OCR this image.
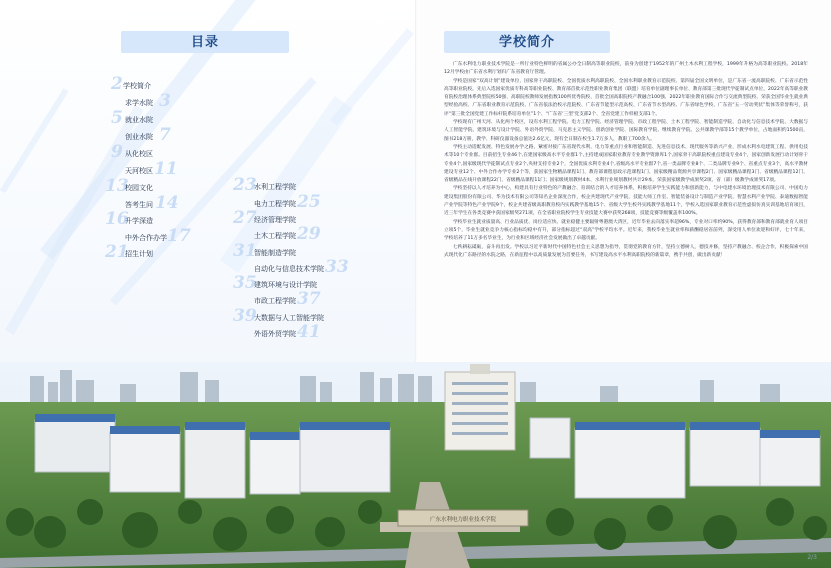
目录
2 学校简介
求学水院 3
5 就业水院
创业水院 7
9 从化校区
天河校区 11
13
校园文化
答考生问 14
16
升学深造
中外合作办学 17
21
招生计划
23
水利工程学院
电力工程学院 25
27
经济管理学院
土木工程学院 29
31
智能制造学院
自动化与信息技术学院 33
35
建筑环境与设计学院
市政工程学院 37
39
大数据与人工智能学院
外语外贸学院 41
学校简介

广东水利电力职业技术学院是一所行业特色鲜明的省属公办全日制高等职业院校，前身为创建于1952年的广州土木水利工程学校，1999年升格为高等职业院校。2018年12月学校由广东省水利厅划归广东省教育厅管理。

学校是国家“双高计划”建设单位、国家骨干高职院校、全国优质水利高职院校、全国水利职业教育示范院校、第四届全国文明单位，是广东省一流高职院校、广东省示范性高等职业院校。先后入选国家优质专科高等职业院校、教育部首批示范性职业教育集团（联盟）培育单位副理事长单位、教育部第三批现代学徒制试点单位，2022年高等职业教育院校治理体系典型院校50强、高职院校教师发展指数100所优秀院校、首批全国高职院校产教融合100强、2022年职业教育国际合作与交流典型院校、荣获全国毕业生就业典型经验高校、广东省职业教育示范院校、广东省依法治校示范院校、广东省节能型示范高校、广东省节水型高校、广东省绿色学校、广东省“五一劳动奖状”集体等荣誉称号，获评“第三批全国党建工作标杆院系培育单位”1个、“广东省‘三型’党支部2个、全省党建工作样板支部1个。

学校现有广州天河、从化两个校区，设有水利工程学院、电力工程学院、经济管理学院、市政工程学院、土木工程学院、智能制造学院、自动化与信息技术学院、大数据与人工智能学院、建筑环境与设计学院、外语外贸学院、马克思主义学院、创新创业学院、国际教育学院、继续教育学院、公共课教学部等15个教学单位，占地面积约1500亩，图书218万册，教学、科研仪器设备总值达2.6亿元，现有全日制在校生1.7万多人，教职工700余人。

学校主动适配发展、特色发展办学之路，紧密对接广东省现代水利、电力等重点行业和智能制造、先进信息技术、现代服务等新兴产业，形成水利水电建筑工程、供用电技术等10个专业群。目前招生专业46个,在建国家级高水平专业群1个,主持建成国家职业教育专业教学资源库1个,国家骨干高职院校重点建设专业4个，国家创新发展行动计划骨干专业4个,国家级现代学徒制试点专业2个,央财支持专业2个，全国优质水利专业4个,省级高水平专业群7个,省一类品牌专业8个、二类品牌专业9个、省重点专业3个，高水平教材建设专业12个、中外合作办学专业2个等，获国家生物精品课程1门、教育部课程思政示范课程1门、国家级精品资源共享课程2门、国家级精品课程3门、省级精品课程12门、省级精品在线开放课程22门、省级精品课程11门；国家级规划教材4本、水利行业规划教材共计29本，荣获国家级教学成果奖2项、省（部）级教学成果奖17项。

学校坚持以人才培养为中心，构建具有行业特色的产教融合、育训结合的人才培养体系，积极培养学生实践能力和创新能力，与中电建水环境治理技术有限公司、中国电力建设集团股份有限公司、华为技术有限公司等知名企业深度合作，校企共建现代产业学院、技能大师工作室、智能装备设计与制造产业学院、智慧水利产业学院、泰迪数据智能产业学院等特色产业学院9个，校企共建省级高职教育校内实践教学基地15个、省级大学生校外实践教学基地11个，学校入选国家职业教育示范性虚拟仿真实训基地培育项目，近三年学生在各类竞赛中获国家级奖271项，在全省职业院校学生专业技能大赛中获奖268项，技能竞赛等级覆盖率100%。

学校毕业生就业质量高、行业品质优、岗位适应快、就业稳健主要辐射粤港澳大湾区，近年毕业去向落实率超96%，专业对口率约90%，获得教育部和教育部就业育人项目立项5个，毕业生就业竞争力核心指标均稳中有升，部分指标超过“双高”学校平均水平。近年来，我校毕业生就业率和薪酬稳居省前列，深受用人单位欢迎和好评，七十年来，学校培养了11万多名毕业生，为行业和区域经济社会发展做出了卓越贡献。

七秩耕耘砥砺，奋斗再出发。学校以习近平新时代中国特色社会主义思想为指导，贯彻党的教育方针，坚持立德树人，德技并修，坚持产教融合、校企合作，积极探索中国式现代化广东路径的水院之路，在新征程中以高质量发展为首要任务，书写建设高水平水利高职院校的新篇章，携手共创，做出新贡献！

广东水利电力职业技术学院
2/3
